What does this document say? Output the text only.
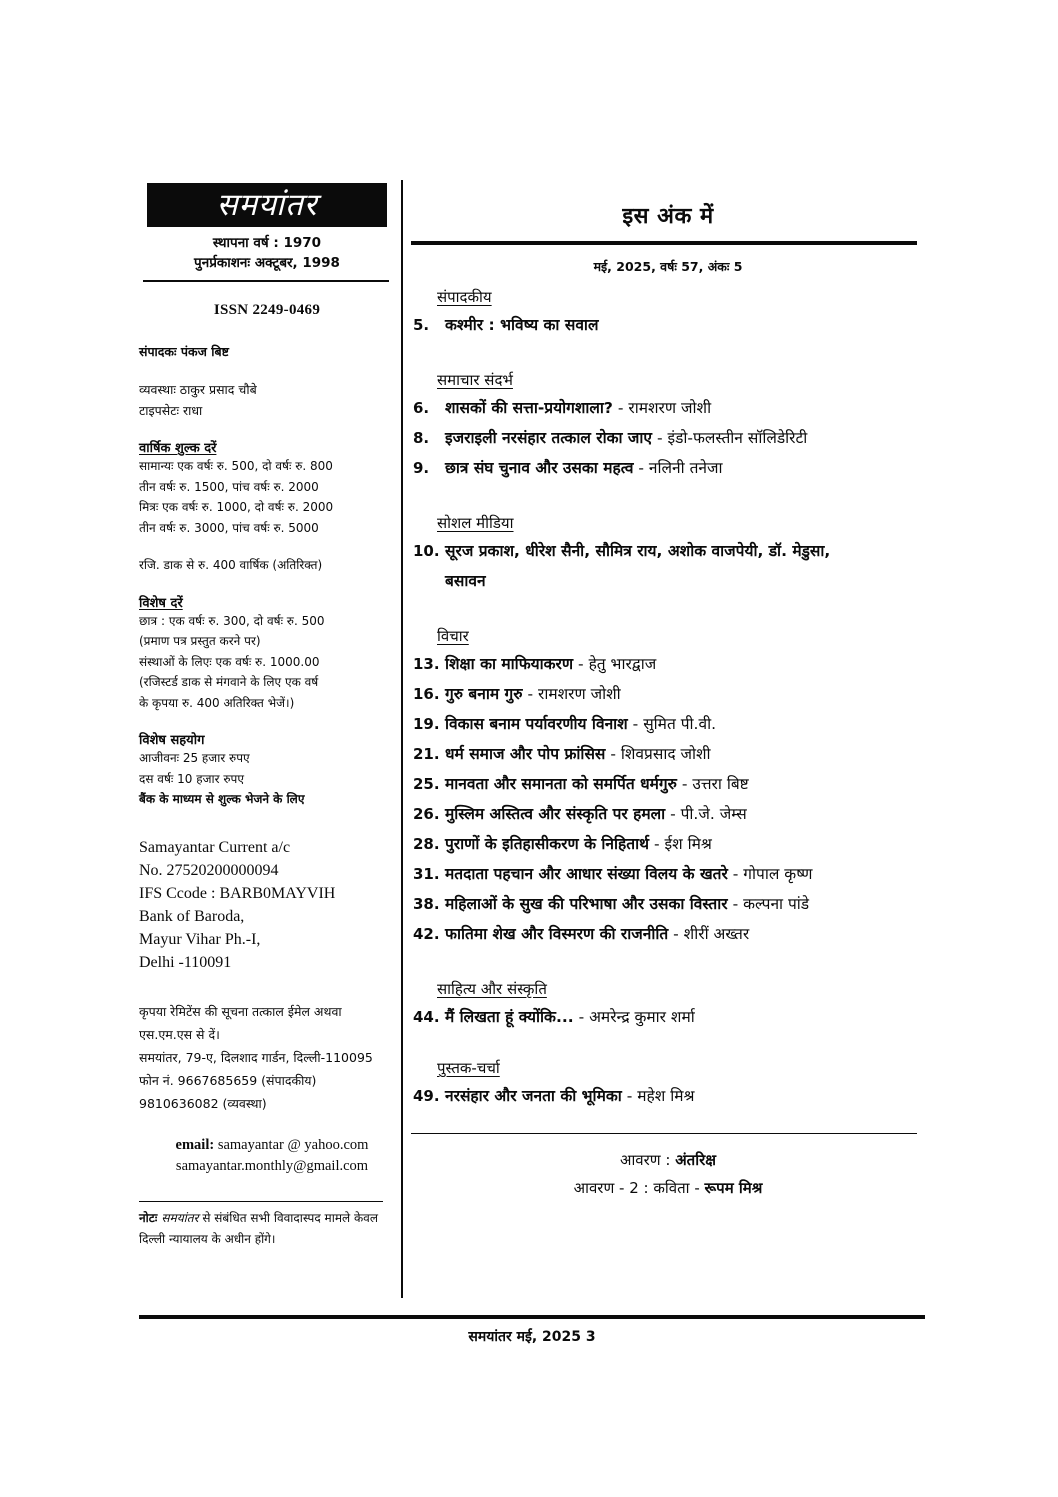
समयांतर
स्थापना वर्ष : 1970
पुनर्प्रकाशनः अक्टूबर, 1998
ISSN 2249-0469
संपादकः पंकज बिष्ट
व्यवस्थाः ठाकुर प्रसाद चौबे
टाइपसेटः राधा
वार्षिक शुल्क दरें
सामान्यः एक वर्षः रु. 500, दो वर्षः रु. 800
तीन वर्षः रु. 1500, पांच वर्षः रु. 2000
मित्रः एक वर्षः रु. 1000, दो वर्षः रु. 2000
तीन वर्षः रु. 3000, पांच वर्षः रु. 5000
रजि. डाक से रु. 400 वार्षिक (अतिरिक्त)
विशेष दरें
छात्र : एक वर्षः रु. 300, दो वर्षः रु. 500
(प्रमाण पत्र प्रस्तुत करने पर)
संस्थाओं के लिएः एक वर्षः रु. 1000.00
(रजिस्टर्ड डाक से मंगवाने के लिए एक वर्ष
के कृपया रु. 400 अतिरिक्त भेजें।)
विशेष सहयोग
आजीवनः 25 हजार रुपए
दस वर्षः 10 हजार रुपए
बैंक के माध्यम से शुल्क भेजने के लिए
Samayantar Current a/c
No. 27520200000094
IFS Ccode : BARB0MAYVIH
Bank of Baroda,
Mayur Vihar Ph.-I,
Delhi -110091
कृपया रेमिटेंस की सूचना तत्काल ईमेल अथवा
एस.एम.एस से दें।
समयांतर, 79-ए, दिलशाद गार्डन, दिल्ली-110095
फोन नं. 9667685659 (संपादकीय)
9810636082 (व्यवस्था)
email: samayantar @ yahoo.com
samayantar.monthly@gmail.com
नोटः समयांतर से संबंधित सभी विवादास्पद मामले केवल दिल्ली न्यायालय के अधीन होंगे।
इस अंक में
मई, 2025, वर्षः 57, अंकः 5
संपादकीय
5.	कश्मीर : भविष्य का सवाल
समाचार संदर्भ
6.	शासकों की सत्ता-प्रयोगशाला? - रामशरण जोशी
8.	इजराइली नरसंहार तत्काल रोका जाए - इंडो-फलस्तीन सॉलिडेरिटी
9.	छात्र संघ चुनाव और उसका महत्व - नलिनी तनेजा
सोशल मीडिया
10. सूरज प्रकाश, धीरेश सैनी, सौमित्र राय, अशोक वाजपेयी, डॉ. मेडुसा,
बसावन
विचार
13. शिक्षा का माफियाकरण - हेतु भारद्वाज
16. गुरु बनाम गुरु - रामशरण जोशी
19. विकास बनाम पर्यावरणीय विनाश - सुमित पी.वी.
21. धर्म समाज और पोप फ्रांसिस - शिवप्रसाद जोशी
25. मानवता और समानता को समर्पित धर्मगुरु - उत्तरा बिष्ट
26. मुस्लिम अस्तित्व और संस्कृति पर हमला - पी.जे. जेम्स
28. पुराणों के इतिहासीकरण के निहितार्थ - ईश मिश्र
31. मतदाता पहचान और आधार संख्या विलय के खतरे - गोपाल कृष्ण
38. महिलाओं के सुख की परिभाषा और उसका विस्तार - कल्पना पांडे
42. फातिमा शेख और विस्मरण की राजनीति - शीरीं अख्तर
साहित्य और संस्कृति
44. मैं लिखता हूं क्योंकि... - अमरेन्द्र कुमार शर्मा
पुस्तक-चर्चा
49. नरसंहार और जनता की भूमिका - महेश मिश्र
आवरण : अंतरिक्ष
आवरण - 2 : कविता - रूपम मिश्र
समयांतर मई, 2025 3
